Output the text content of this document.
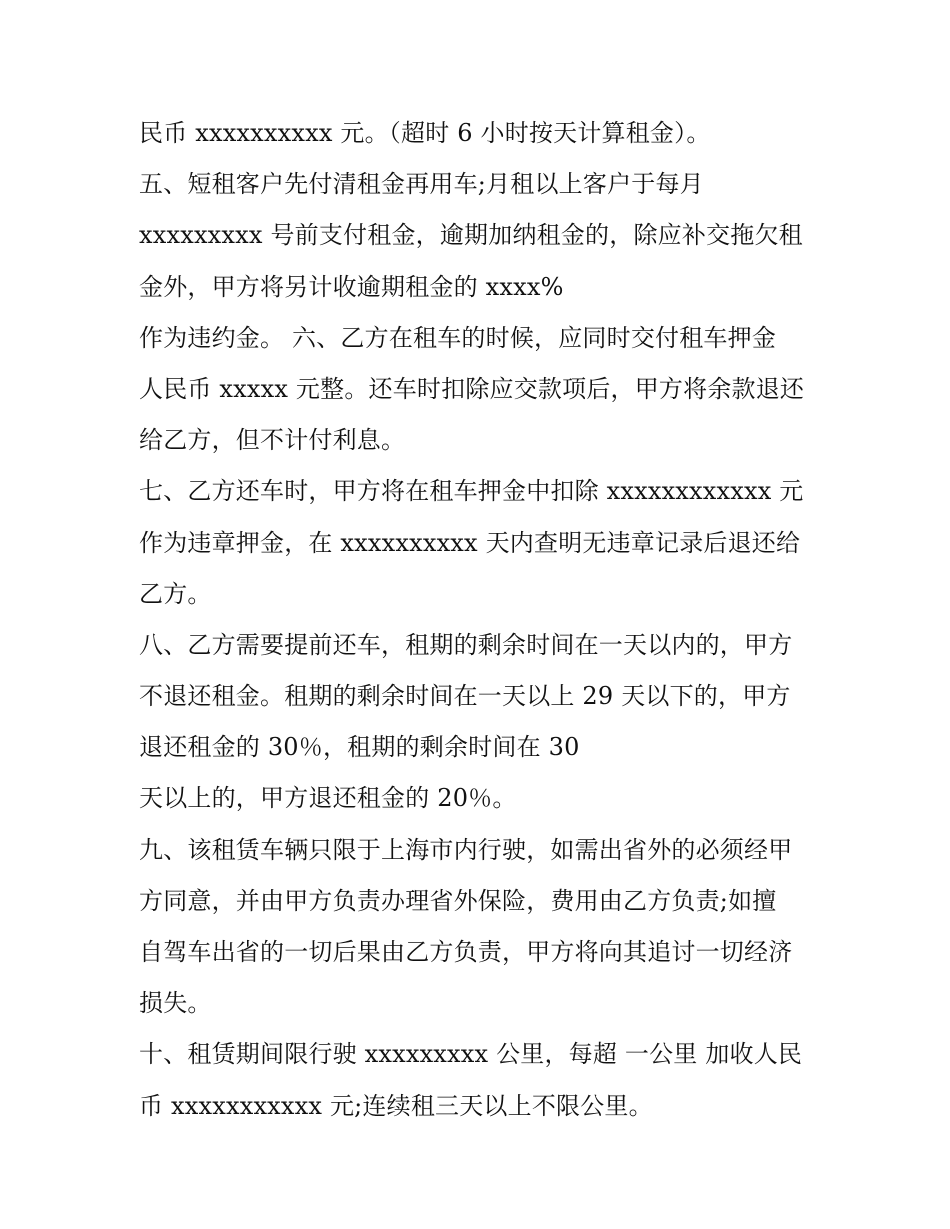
民币 xxxxxxxxxx 元。（超时 6 小时按天计算租金）。
五、短租客户先付清租金再用车;月租以上客户于每月
xxxxxxxxx 号前支付租金，逾期加纳租金的，除应补交拖欠租
金外，甲方将另计收逾期租金的 xxxx%
作为违约金。 六、乙方在租车的时候，应同时交付租车押金
人民币 xxxxx 元整。还车时扣除应交款项后，甲方将余款退还
给乙方，但不计付利息。
七、乙方还车时，甲方将在租车押金中扣除 xxxxxxxxxxxx 元
作为违章押金，在 xxxxxxxxxx 天内查明无违章记录后退还给
乙方。
八、乙方需要提前还车，租期的剩余时间在一天以内的，甲方
不退还租金。租期的剩余时间在一天以上 29 天以下的，甲方
退还租金的 30％，租期的剩余时间在 30
天以上的，甲方退还租金的 20％。
九、该租赁车辆只限于上海市内行驶，如需出省外的必须经甲
方同意，并由甲方负责办理省外保险，费用由乙方负责;如擅
自驾车出省的一切后果由乙方负责，甲方将向其追讨一切经济
损失。
十、租赁期间限行驶 xxxxxxxxx 公里，每超 一公里 加收人民
币 xxxxxxxxxxx 元;连续租三天以上不限公里。
